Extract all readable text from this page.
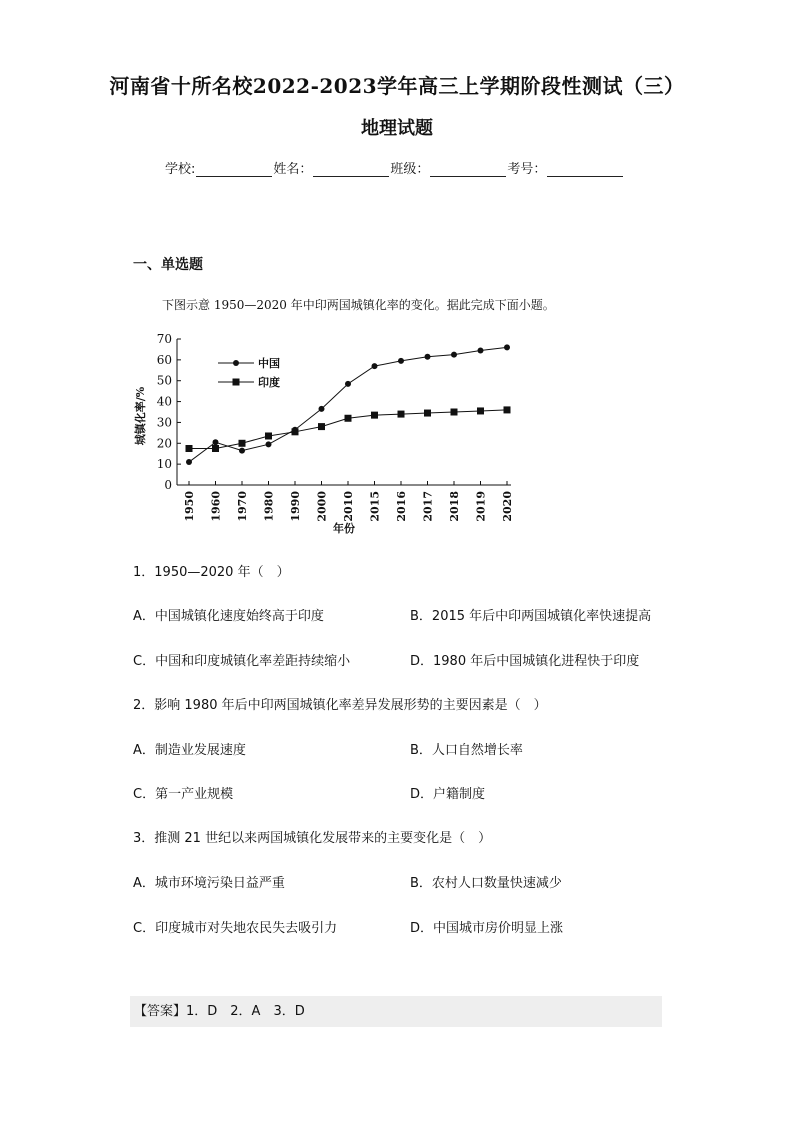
河南省十所名校2022-2023学年高三上学期阶段性测试（三）
地理试题
学校:	姓名：	班级：	考号：
一、单选题
下图示意 1950—2020 年中印两国城镇化率的变化。据此完成下面小题。
0
10
20
30
40
50
60
70
1950 1960 1970 1980 1990 2000 2010 2015 2016 2017 2018 2019 2020
城镇化率/%
年份
中国
印度
1．1950—2020 年（　）
A．中国城镇化速度始终高于印度	B．2015 年后中印两国城镇化率快速提高
C．中国和印度城镇化率差距持续缩小	D．1980 年后中国城镇化进程快于印度
2．影响 1980 年后中印两国城镇化率差异发展形势的主要因素是（　）
A．制造业发展速度	B．人口自然增长率
C．第一产业规模	D．户籍制度
3．推测 21 世纪以来两国城镇化发展带来的主要变化是（　）
A．城市环境污染日益严重	B．农村人口数量快速减少
C．印度城市对失地农民失去吸引力	D．中国城市房价明显上涨
【答案】1．D　2．A　3．D
